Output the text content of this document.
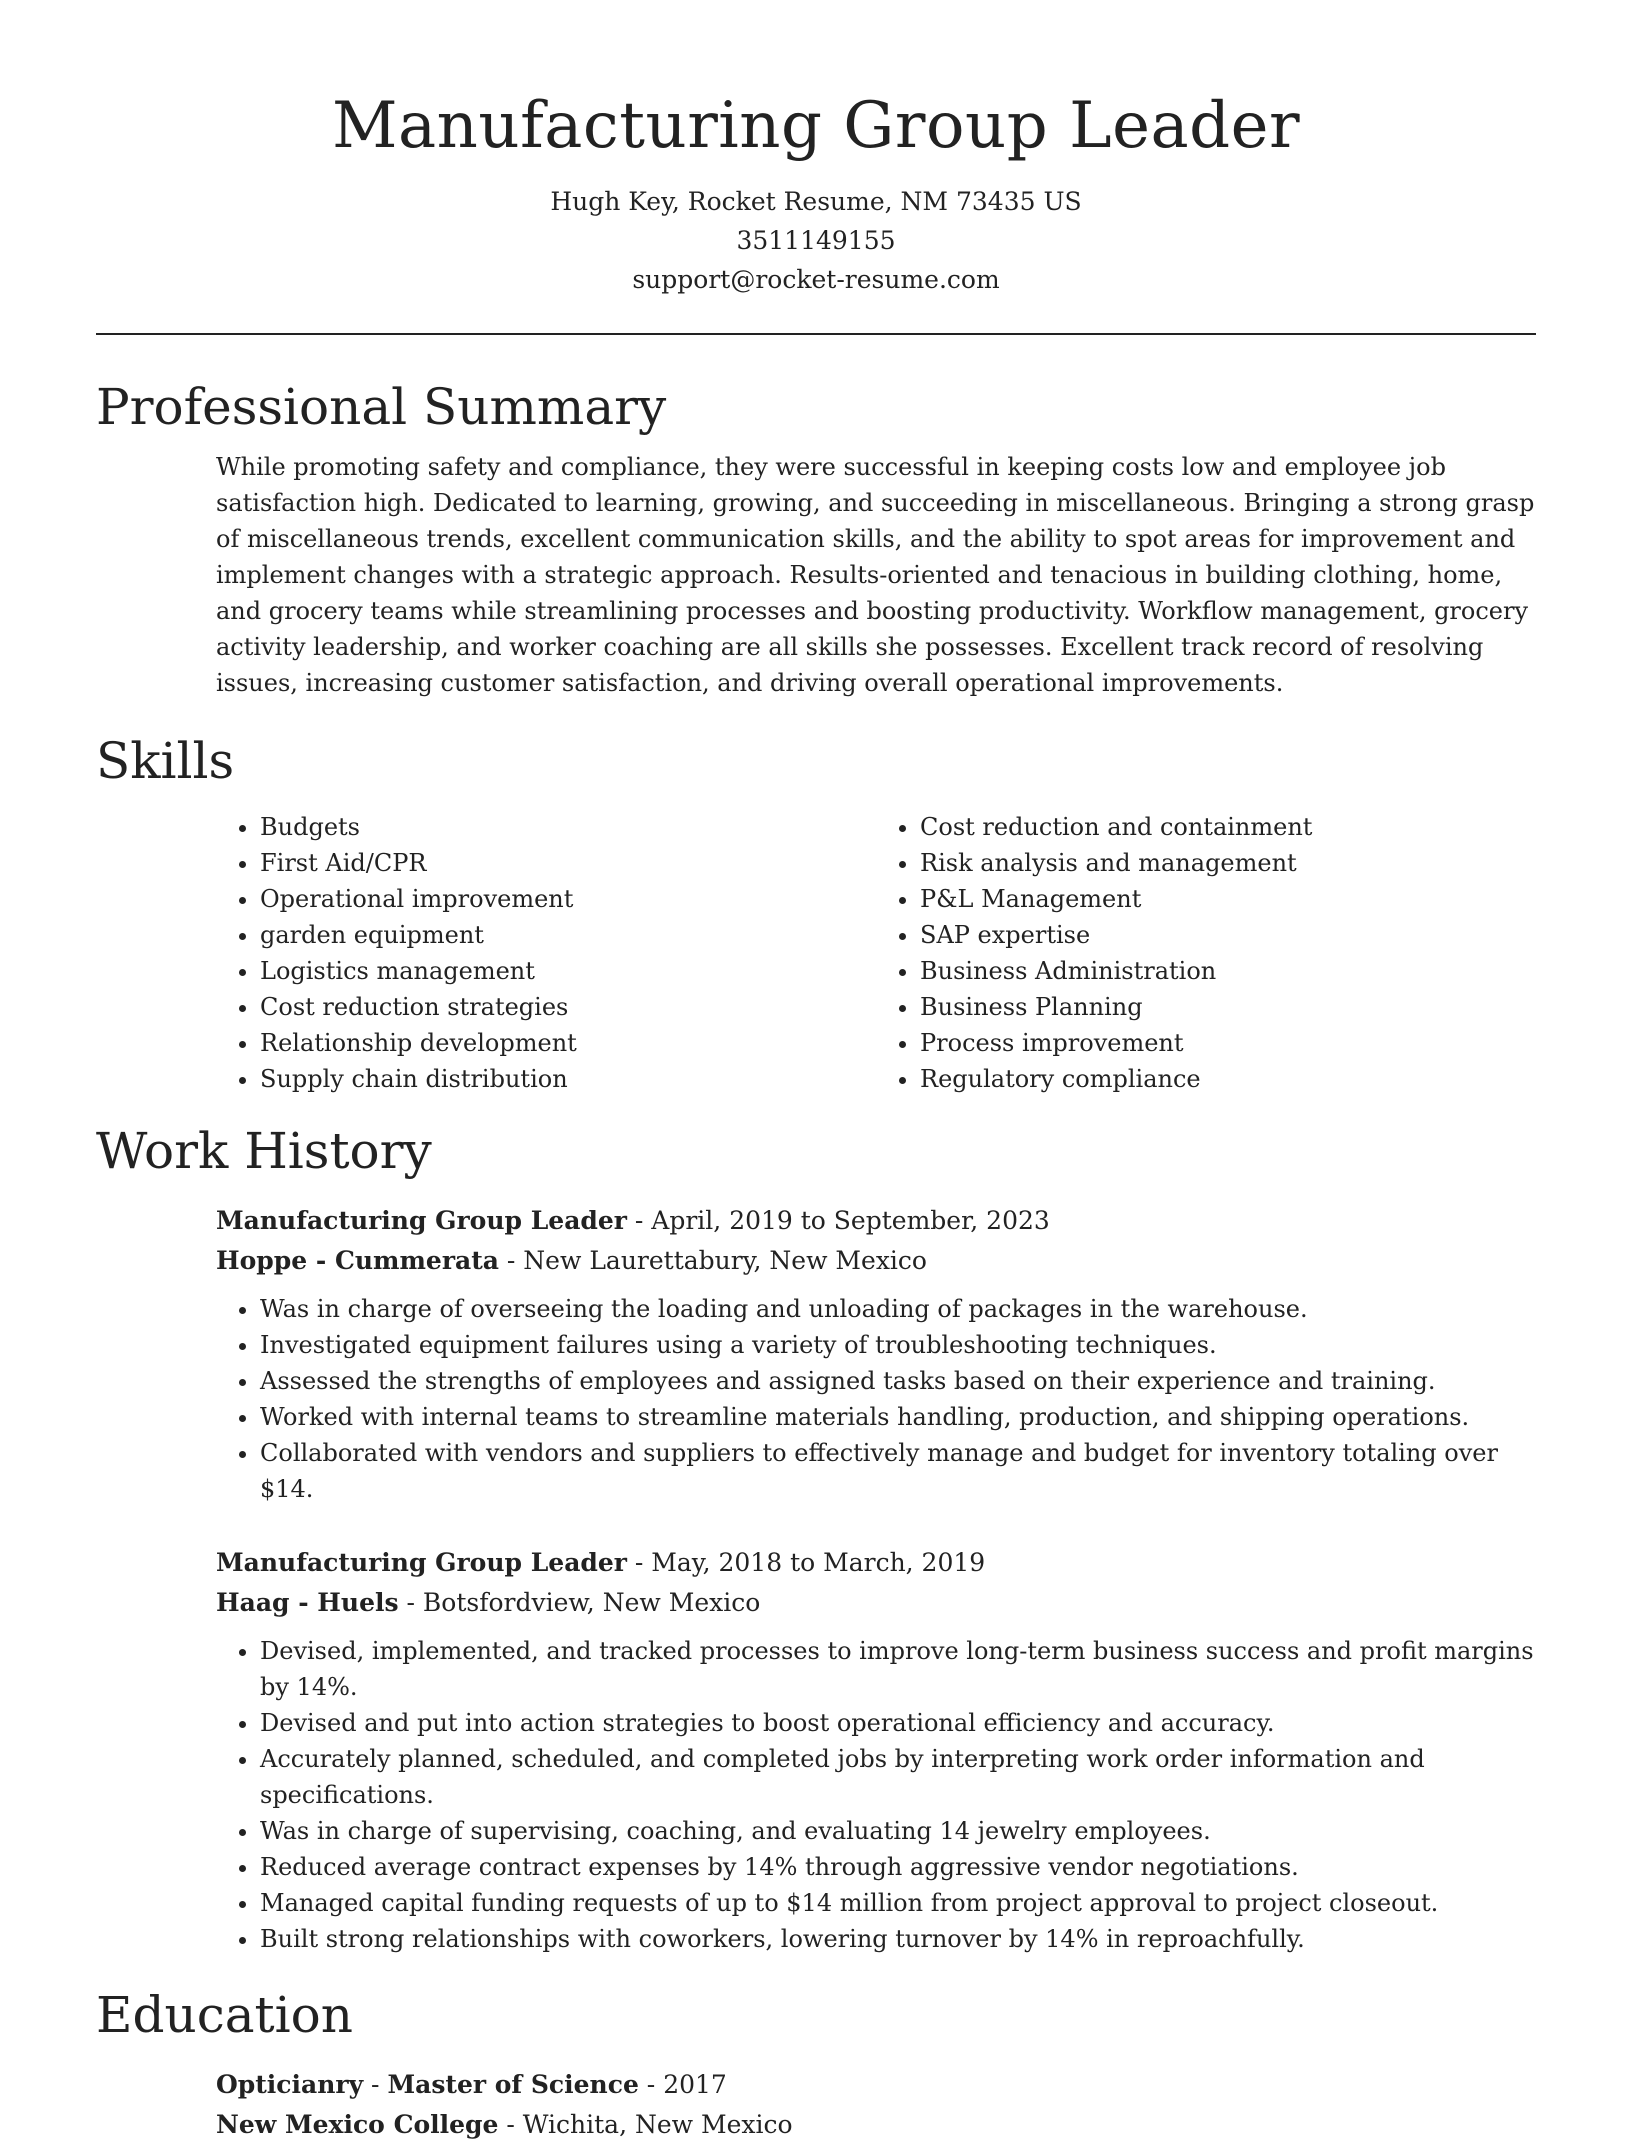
Manufacturing Group Leader
Hugh Key, Rocket Resume, NM 73435 US
3511149155
support@rocket-resume.com
Professional Summary

While promoting safety and compliance, they were successful in keeping costs low and employee job satisfaction high. Dedicated to learning, growing, and succeeding in miscellaneous. Bringing a strong grasp of miscellaneous trends, excellent communication skills, and the ability to spot areas for improvement and implement changes with a strategic approach. Results-oriented and tenacious in building clothing, home, and grocery teams while streamlining processes and boosting productivity. Workflow management, grocery activity leadership, and worker coaching are all skills she possesses. Excellent track record of resolving issues, increasing customer satisfaction, and driving overall operational improvements.

Skills
• Budgets
• First Aid/CPR
• Operational improvement
• garden equipment
• Logistics management
• Cost reduction strategies
• Relationship development
• Supply chain distribution
• Cost reduction and containment
• Risk analysis and management
• P&L Management
• SAP expertise
• Business Administration
• Business Planning
• Process improvement
• Regulatory compliance
Work History
Manufacturing Group Leader - April, 2019 to September, 2023
Hoppe - Cummerata - New Laurettabury, New Mexico
• Was in charge of overseeing the loading and unloading of packages in the warehouse.
• Investigated equipment failures using a variety of troubleshooting techniques.
• Assessed the strengths of employees and assigned tasks based on their experience and training.
• Worked with internal teams to streamline materials handling, production, and shipping operations.
• Collaborated with vendors and suppliers to effectively manage and budget for inventory totaling over $14.
Manufacturing Group Leader - May, 2018 to March, 2019
Haag - Huels - Botsfordview, New Mexico
• Devised, implemented, and tracked processes to improve long-term business success and profit margins by 14%.
• Devised and put into action strategies to boost operational efficiency and accuracy.
• Accurately planned, scheduled, and completed jobs by interpreting work order information and specifications.
• Was in charge of supervising, coaching, and evaluating 14 jewelry employees.
• Reduced average contract expenses by 14% through aggressive vendor negotiations.
• Managed capital funding requests of up to $14 million from project approval to project closeout.
• Built strong relationships with coworkers, lowering turnover by 14% in reproachfully.
Education
Opticianry - Master of Science - 2017
New Mexico College - Wichita, New Mexico
